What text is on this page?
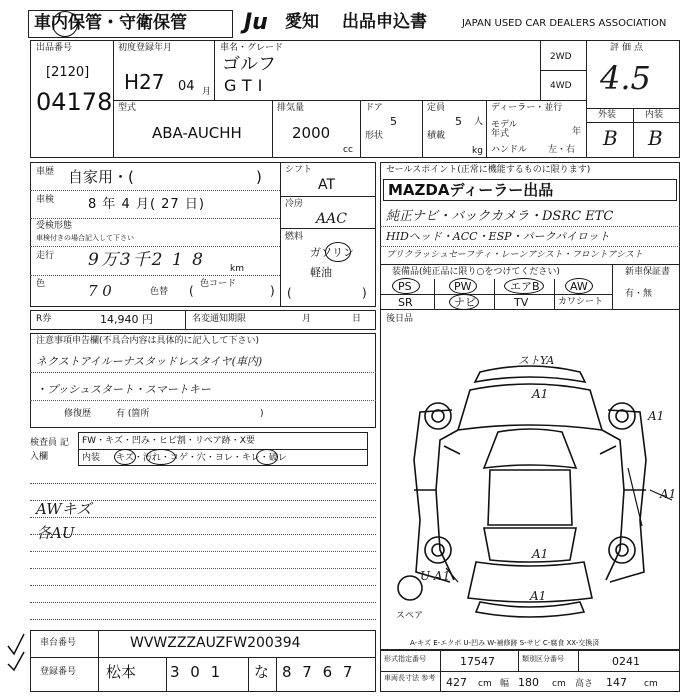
車内保管・守衛保管	Ju 愛知 出品申込書	JAPAN USED CAR DEALERS ASSOCIATION
出品番号
[2120]
04178
初度登録年月
H27 04 月
車名・グレード
ゴルフ
GTI
2WD
4WD
評価点
4.5
型式
ABA-AUCHH
排気量
2000
cc
ドア
5
形状
定員
5 人
積載
kg
ディーラー・並行
モデル 年式	年
ハンドル 左・右
外装	内装
B B
車歴 自家用・(	)
車検	8 年 4 月( 27 日)
受検形態
車検付きの場合記入して下さい
走行 9万3千2 1 8	km
色	7 0	色替
色コード
(	)
シフト
AT
冷房
AAC
燃料
ガソリン
軽油
(	)
R券	14,940 円	名変通知期限	月	日
注意事項申告欄(不具合内容は具体的に記入して下さい)
ネクストアイルーナスタッドレスタイヤ(車内)
・プッシュスタート・スマートキー
修復歴	有 (箇所	)
検査員 記入欄
FW・キズ・凹み・ヒビ割・リペア跡・X要
内装 キズ・汚れ・コゲ・穴・ヨレ・キレ・破レ
AWキズ
各AU
セールスポイント(正常に機能するものに限ります)
MAZDAディーラー出品
純正ナビ・バックカメラ・DSRC ETC
HIDヘッド・ACC・ESP・パークパイロット
プリクラッシュセーフティ・レーンアシスト・フロントアシスト
装備品(純正品に限り○をつけてください)	新車保証書
有・無
PS	PW	エアB	AW
SR	ナビ	TV	カワシート
後日品
ストYA
A1
A1
A1
A1
U A1
A1
スペア
A-キズ E-エクボ U-凹み W-補修跡 S-サビ C-腐食 XX-交換済
車台番号	WVWZZZAUZFW200394
登録番号 松本 3 0 1 な 8 7 6 7
形式指定番号	17547	類別区分番号	0241
車両長寸法 参考 427 cm 幅 180 cm 高さ 147 cm
